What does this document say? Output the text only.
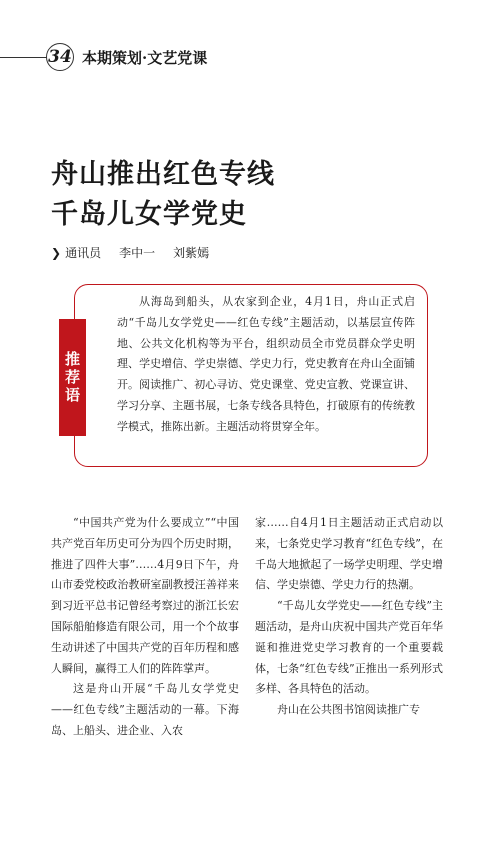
34 本期策划·文艺党课
舟山推出红色专线
千岛儿女学党史
❯ 通讯员 李中一 刘紫嫣
推荐语
从海岛到船头，从农家到企业，4月1日，舟山正式启动“千岛儿女学党史——红色专线”主题活动，以基层宣传阵地、公共文化机构等为平台，组织动员全市党员群众学史明理、学史增信、学史崇德、学史力行，党史教育在舟山全面铺开。阅读推广、初心寻访、党史课堂、党史宣教、党课宣讲、学习分享、主题书展，七条专线各具特色，打破原有的传统教学模式，推陈出新。主题活动将贯穿全年。

“中国共产党为什么要成立”“中国共产党百年历史可分为四个历史时期，推进了四件大事”……4月9日下午，舟山市委党校政治教研室副教授汪善祥来到习近平总书记曾经考察过的浙江长宏国际船舶修造有限公司，用一个个故事生动讲述了中国共产党的百年历程和感人瞬间，赢得工人们的阵阵掌声。

这是舟山开展“千岛儿女学党史——红色专线”主题活动的一幕。下海岛、上船头、进企业、入农

家……自4月1日主题活动正式启动以来，七条党史学习教育“红色专线”，在千岛大地掀起了一场学史明理、学史增信、学史崇德、学史力行的热潮。

“千岛儿女学党史——红色专线”主题活动，是舟山庆祝中国共产党百年华诞和推进党史学习教育的一个重要载体，七条“红色专线”正推出一系列形式多样、各具特色的活动。

舟山在公共图书馆阅读推广专
